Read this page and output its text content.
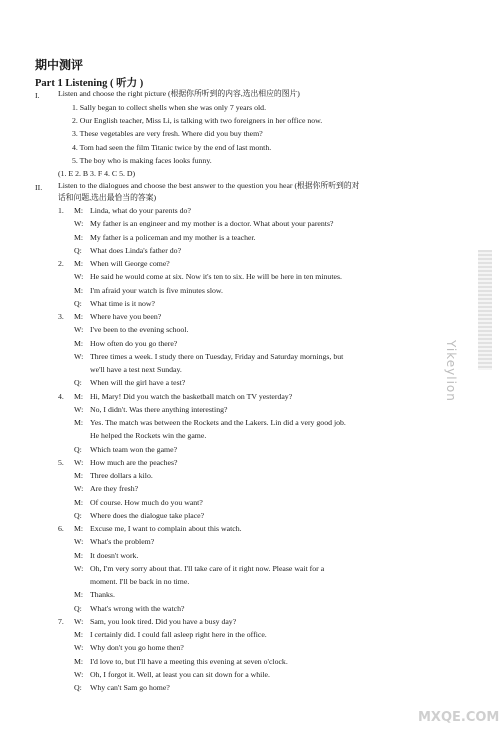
期中测评
Part 1 Listening ( 听力 )
I. Listen and choose the right picture (根据你所听到的内容,选出相应的图片)
1. Sally began to collect shells when she was only 7 years old.
2. Our English teacher, Miss Li, is talking with two foreigners in her office now.
3. These vegetables are very fresh. Where did you buy them?
4. Tom had seen the film Titanic twice by the end of last month.
5. The boy who is making faces looks funny.
(1. E 2. B 3. F 4. C 5. D)
II. Listen to the dialogues and choose the best answer to the question you hear (根据你所听到的对
话和问题,选出最恰当的答案)
1. M: Linda, what do your parents do?
W: My father is an engineer and my mother is a doctor. What about your parents?
M: My father is a policeman and my mother is a teacher.
Q: What does Linda's father do?
2. M: When will George come?
W: He said he would come at six. Now it's ten to six. He will be here in ten minutes.
M: I'm afraid your watch is five minutes slow.
Q: What time is it now?
3. M: Where have you been?
W: I've been to the evening school.
M: How often do you go there?
W: Three times a week. I study there on Tuesday, Friday and Saturday mornings, but
we'll have a test next Sunday.
Q: When will the girl have a test?
4. M: Hi, Mary! Did you watch the basketball match on TV yesterday?
W: No, I didn't. Was there anything interesting?
M: Yes. The match was between the Rockets and the Lakers. Lin did a very good job.
He helped the Rockets win the game.
Q: Which team won the game?
5. W: How much are the peaches?
M: Three dollars a kilo.
W: Are they fresh?
M: Of course. How much do you want?
Q: Where does the dialogue take place?
6. M: Excuse me, I want to complain about this watch.
W: What's the problem?
M: It doesn't work.
W: Oh, I'm very sorry about that. I'll take care of it right now. Please wait for a
moment. I'll be back in no time.
M: Thanks.
Q: What's wrong with the watch?
7. W: Sam, you look tired. Did you have a busy day?
M: I certainly did. I could fall asleep right here in the office.
W: Why don't you go home then?
M: I'd love to, but I'll have a meeting this evening at seven o'clock.
W: Oh, I forgot it. Well, at least you can sit down for a while.
Q: Why can't Sam go home?
Yikeylion
MXQE.COM
